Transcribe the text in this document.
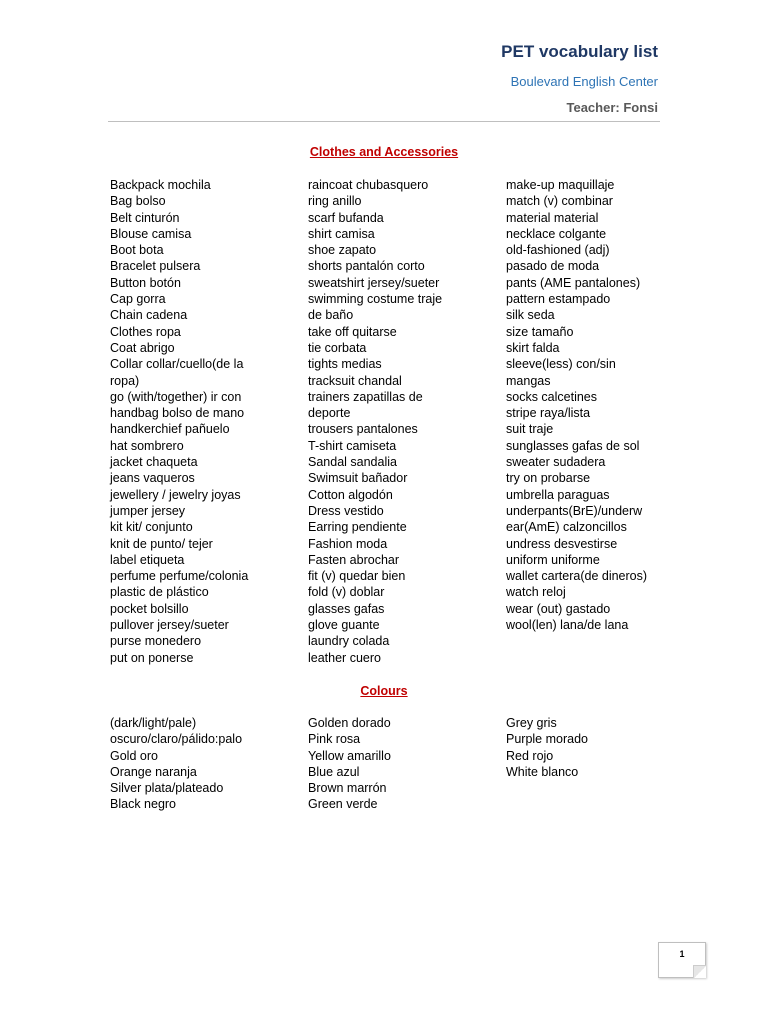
PET vocabulary list
Boulevard English Center
Teacher: Fonsi
Clothes and Accessories
Backpack mochila
Bag bolso
Belt cinturón
Blouse camisa
Boot bota
Bracelet pulsera
Button botón
Cap gorra
Chain cadena
Clothes ropa
Coat abrigo
Collar collar/cuello(de la
ropa)
go (with/together) ir con
handbag bolso de mano
handkerchief pañuelo
hat sombrero
jacket chaqueta
jeans vaqueros
jewellery / jewelry joyas
jumper jersey
kit kit/ conjunto
knit de punto/ tejer
label etiqueta
perfume perfume/colonia
plastic de plástico
pocket bolsillo
pullover jersey/sueter
purse monedero
put on ponerse
raincoat chubasquero
ring anillo
scarf bufanda
shirt camisa
shoe zapato
shorts pantalón corto
sweatshirt jersey/sueter
swimming costume traje
de baño
take off quitarse
tie corbata
tights medias
tracksuit chandal
trainers zapatillas de
deporte
trousers pantalones
T-shirt camiseta
Sandal sandalia
Swimsuit bañador
Cotton algodón
Dress vestido
Earring pendiente
Fashion moda
Fasten abrochar
fit (v) quedar bien
fold (v) doblar
glasses gafas
glove guante
laundry colada
leather cuero
make-up maquillaje
match (v) combinar
material material
necklace colgante
old-fashioned (adj)
pasado de moda
pants (AME pantalones)
pattern estampado
silk seda
size tamaño
skirt falda
sleeve(less) con/sin
mangas
socks calcetines
stripe raya/lista
suit traje
sunglasses gafas de sol
sweater sudadera
try on probarse
umbrella paraguas
underpants(BrE)/underw
ear(AmE) calzoncillos
undress desvestirse
uniform uniforme
wallet cartera(de dineros)
watch reloj
wear (out) gastado
wool(len) lana/de lana
Colours
(dark/light/pale)
oscuro/claro/pálido:palo
Gold oro
Orange naranja
Silver plata/plateado
Black negro
Golden dorado
Pink rosa
Yellow amarillo
Blue azul
Brown marrón
Green verde
Grey gris
Purple morado
Red rojo
White blanco
1
